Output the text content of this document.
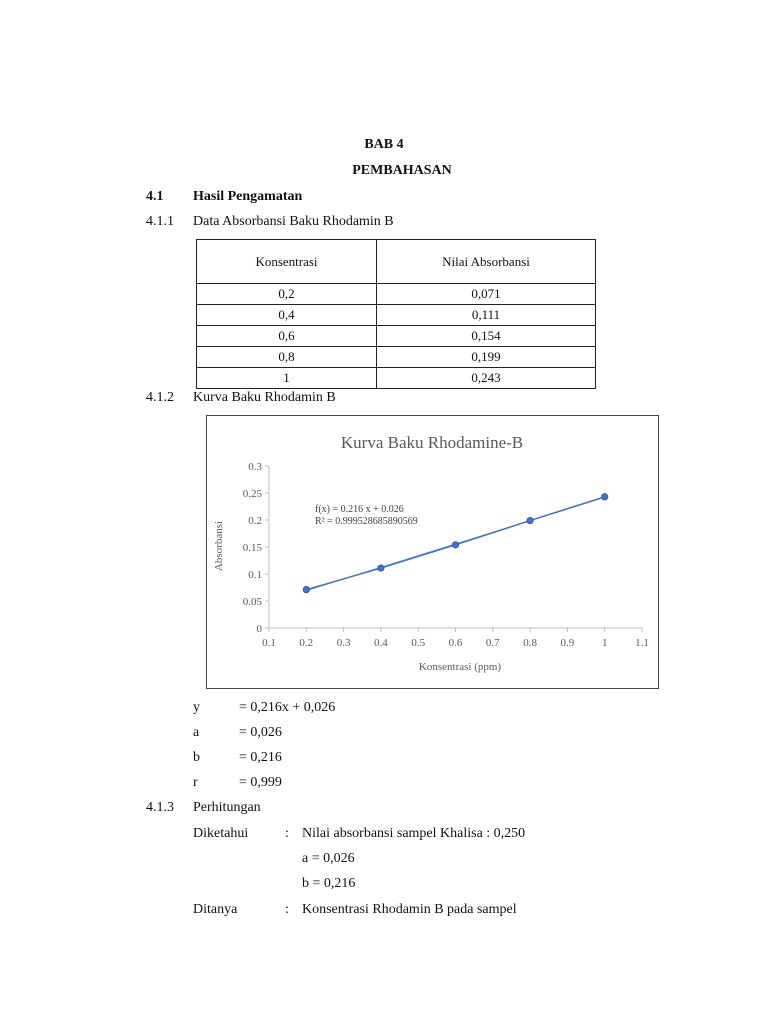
BAB 4
PEMBAHASAN
4.1 Hasil Pengamatan
4.1.1 Data Absorbansi Baku Rhodamin B
Konsentrasi	Nilai Absorbansi
0,2	0,071
0,4	0,111
0,6	0,154
0,8	0,199
1	0,243
4.1.2 Kurva Baku Rhodamin B
Kurva Baku Rhodamine-B
Absorbansi
Konsentrasi (ppm)
f(x) = 0.216 x + 0.026
R² = 0.9995286858905​69
0
0.05
0.1
0.15
0.2
0.25
0.3
0.1 0.2 0.3 0.4 0.5 0.6 0.7 0.8 0.9	1	1.1
y	= 0,216x + 0,026
a	= 0,026
b	= 0,216
r	= 0,999
4.1.3 Perhitungan
Diketahui	: Nilai absorbansi sampel Khalisa : 0,250
a = 0,026
b = 0,216
Ditanya	: Konsentrasi Rhodamin B pada sampel
